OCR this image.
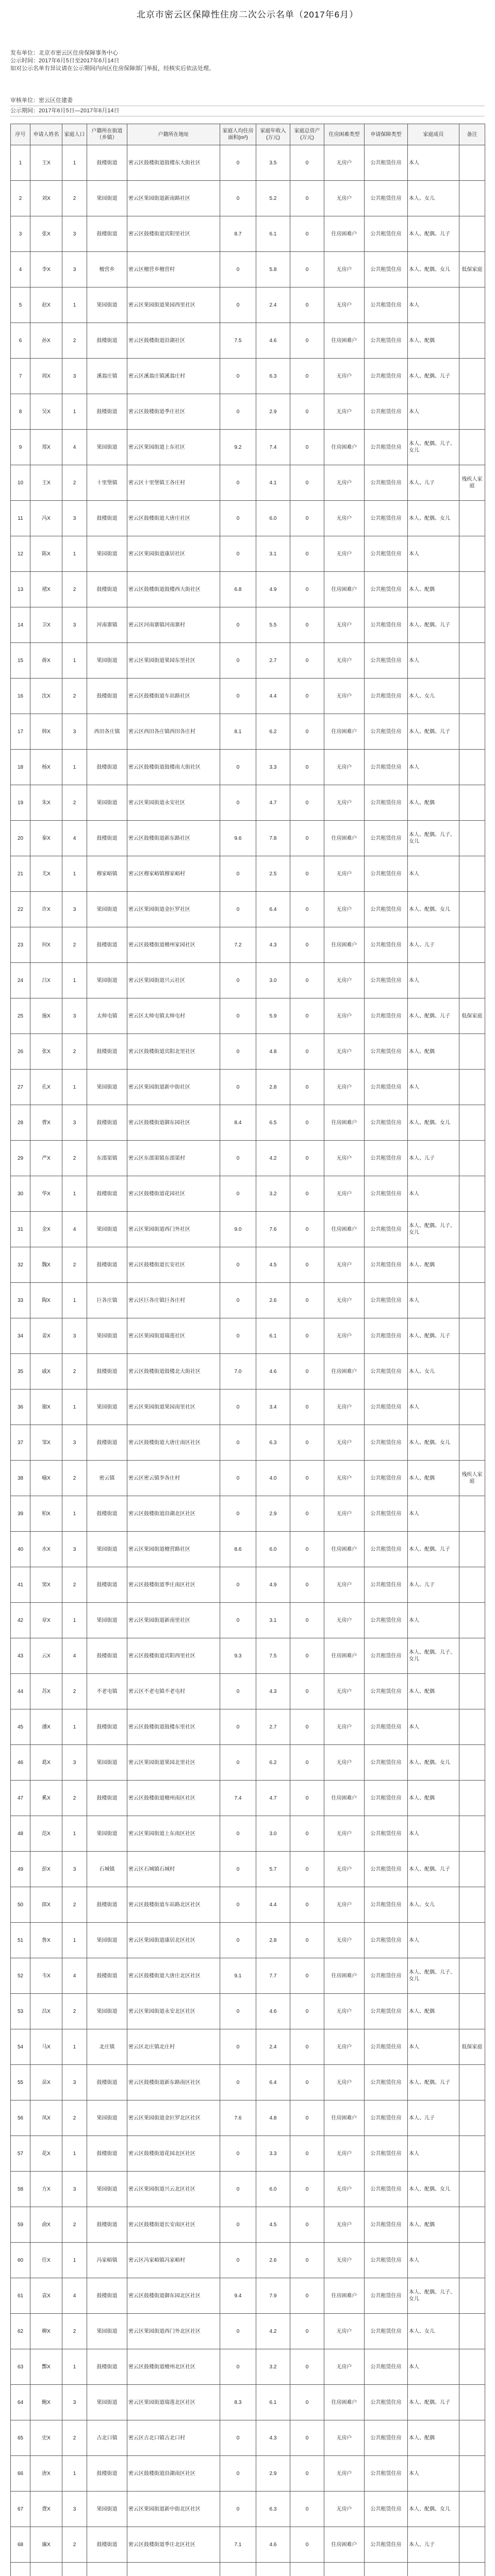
北京市密云区保障性住房二次公示名单（2017年6月）
发布单位：北京市密云区住房保障事务中心
公示时间：2017年6月5日至2017年6月14日
如对公示名单有异议请在公示期间内向区住房保障部门举报，经核实后依法处理。
审核单位：密云区住建委
公示期间：2017年6月5日—2017年6月14日
序号	申请人姓名	家庭人口	户籍所在街道（乡镇）	户籍所在地址	家庭人均住房面积(m²)	家庭年收入(万元)	家庭总资产(万元)	住房困难类型	申请保障类型	家庭成员	备注
1	王X	1	鼓楼街道	密云区鼓楼街道鼓楼东大街社区	0	3.5	0	无房户	公共租赁住房	本人	
2	刘X	2	果园街道	密云区果园街道新南路社区	0	5.2	0	无房户	公共租赁住房	本人、女儿	
3	张X	3	鼓楼街道	密云区鼓楼街道宾阳里社区	8.7	6.1	0	住房困难户	公共租赁住房	本人、配偶、儿子	
4	李X	3	檀营乡	密云区檀营乡檀营村	0	5.8	0	无房户	公共租赁住房	本人、配偶、女儿	低保家庭
5	赵X	1	果园街道	密云区果园街道果园西里社区	0	2.4	0	无房户	公共租赁住房	本人	
6	孙X	2	鼓楼街道	密云区鼓楼街道沿湖社区	7.5	4.6	0	住房困难户	公共租赁住房	本人、配偶	
7	周X	3	溪翁庄镇	密云区溪翁庄镇溪翁庄村	0	6.3	0	无房户	公共租赁住房	本人、配偶、儿子	
8	吴X	1	鼓楼街道	密云区鼓楼街道季庄社区	0	2.9	0	无房户	公共租赁住房	本人	
9	郑X	4	果园街道	密云区果园街道上东社区	9.2	7.4	0	住房困难户	公共租赁住房	本人、配偶、儿子、女儿	
10	王X	2	十里堡镇	密云区十里堡镇王各庄村	0	4.1	0	无房户	公共租赁住房	本人、儿子	残疾人家庭
11	冯X	3	鼓楼街道	密云区鼓楼街道大唐庄社区	0	6.0	0	无房户	公共租赁住房	本人、配偶、女儿	
12	陈X	1	果园街道	密云区果园街道康居社区	0	3.1	0	无房户	公共租赁住房	本人	
13	褚X	2	鼓楼街道	密云区鼓楼街道鼓楼西大街社区	6.8	4.9	0	住房困难户	公共租赁住房	本人、配偶	
14	卫X	3	河南寨镇	密云区河南寨镇河南寨村	0	5.5	0	无房户	公共租赁住房	本人、配偶、儿子	
15	蒋X	1	果园街道	密云区果园街道果园东里社区	0	2.7	0	无房户	公共租赁住房	本人	
16	沈X	2	鼓楼街道	密云区鼓楼街道车站路社区	0	4.4	0	无房户	公共租赁住房	本人、女儿	
17	韩X	3	西田各庄镇	密云区西田各庄镇西田各庄村	8.1	6.2	0	住房困难户	公共租赁住房	本人、配偶、儿子	
18	杨X	1	鼓楼街道	密云区鼓楼街道鼓楼南大街社区	0	3.3	0	无房户	公共租赁住房	本人	
19	朱X	2	果园街道	密云区果园街道永安社区	0	4.7	0	无房户	公共租赁住房	本人、配偶	
20	秦X	4	鼓楼街道	密云区鼓楼街道新东路社区	9.6	7.8	0	住房困难户	公共租赁住房	本人、配偶、儿子、女儿	
21	尤X	1	穆家峪镇	密云区穆家峪镇穆家峪村	0	2.5	0	无房户	公共租赁住房	本人	
22	许X	3	果园街道	密云区果园街道金叵罗社区	0	6.4	0	无房户	公共租赁住房	本人、配偶、女儿	
23	何X	2	鼓楼街道	密云区鼓楼街道檀州家园社区	7.2	4.3	0	住房困难户	公共租赁住房	本人、儿子	
24	吕X	1	果园街道	密云区果园街道兴云社区	0	3.0	0	无房户	公共租赁住房	本人	
25	施X	3	太师屯镇	密云区太师屯镇太师屯村	0	5.9	0	无房户	公共租赁住房	本人、配偶、儿子	低保家庭
26	张X	2	鼓楼街道	密云区鼓楼街道宾阳北里社区	0	4.8	0	无房户	公共租赁住房	本人、配偶	
27	孔X	1	果园街道	密云区果园街道新中街社区	0	2.8	0	无房户	公共租赁住房	本人	
28	曹X	3	鼓楼街道	密云区鼓楼街道御东园社区	8.4	6.5	0	住房困难户	公共租赁住房	本人、配偶、女儿	
29	严X	2	东邵渠镇	密云区东邵渠镇东邵渠村	0	4.2	0	无房户	公共租赁住房	本人、儿子	
30	华X	1	鼓楼街道	密云区鼓楼街道花园社区	0	3.2	0	无房户	公共租赁住房	本人	
31	金X	4	果园街道	密云区果园街道西门外社区	9.0	7.6	0	住房困难户	公共租赁住房	本人、配偶、儿子、女儿	
32	魏X	2	鼓楼街道	密云区鼓楼街道长安社区	0	4.5	0	无房户	公共租赁住房	本人、配偶	
33	陶X	1	巨各庄镇	密云区巨各庄镇巨各庄村	0	2.6	0	无房户	公共租赁住房	本人	
34	姜X	3	果园街道	密云区果园街道瑞莲社区	0	6.1	0	无房户	公共租赁住房	本人、配偶、儿子	
35	戚X	2	鼓楼街道	密云区鼓楼街道鼓楼北大街社区	7.0	4.6	0	住房困难户	公共租赁住房	本人、女儿	
36	谢X	1	果园街道	密云区果园街道果园南里社区	0	3.4	0	无房户	公共租赁住房	本人	
37	邹X	3	鼓楼街道	密云区鼓楼街道大唐庄南区社区	0	6.3	0	无房户	公共租赁住房	本人、配偶、女儿	
38	喻X	2	密云镇	密云区密云镇李各庄村	0	4.0	0	无房户	公共租赁住房	本人、配偶	残疾人家庭
39	柏X	1	鼓楼街道	密云区鼓楼街道沿湖北区社区	0	2.9	0	无房户	公共租赁住房	本人	
40	水X	3	果园街道	密云区果园街道檀营路社区	8.6	6.0	0	住房困难户	公共租赁住房	本人、配偶、儿子	
41	窦X	2	鼓楼街道	密云区鼓楼街道季庄南区社区	0	4.9	0	无房户	公共租赁住房	本人、儿子	
42	章X	1	果园街道	密云区果园街道新南里社区	0	3.1	0	无房户	公共租赁住房	本人	
43	云X	4	鼓楼街道	密云区鼓楼街道宾阳西里社区	9.3	7.5	0	住房困难户	公共租赁住房	本人、配偶、儿子、女儿	
44	苏X	2	不老屯镇	密云区不老屯镇不老屯村	0	4.3	0	无房户	公共租赁住房	本人、配偶	
45	潘X	1	鼓楼街道	密云区鼓楼街道鼓楼东里社区	0	2.7	0	无房户	公共租赁住房	本人	
46	葛X	3	果园街道	密云区果园街道果园北里社区	0	6.2	0	无房户	公共租赁住房	本人、配偶、女儿	
47	奚X	2	鼓楼街道	密云区鼓楼街道檀州南区社区	7.4	4.7	0	住房困难户	公共租赁住房	本人、配偶	
48	范X	1	果园街道	密云区果园街道上东南区社区	0	3.0	0	无房户	公共租赁住房	本人	
49	彭X	3	石城镇	密云区石城镇石城村	0	5.7	0	无房户	公共租赁住房	本人、配偶、儿子	
50	郎X	2	鼓楼街道	密云区鼓楼街道车站路北区社区	0	4.4	0	无房户	公共租赁住房	本人、女儿	
51	鲁X	1	果园街道	密云区果园街道康居北区社区	0	2.8	0	无房户	公共租赁住房	本人	
52	韦X	4	鼓楼街道	密云区鼓楼街道大唐庄北区社区	9.1	7.7	0	住房困难户	公共租赁住房	本人、配偶、儿子、女儿	
53	昌X	2	果园街道	密云区果园街道永安北区社区	0	4.6	0	无房户	公共租赁住房	本人、配偶	
54	马X	1	北庄镇	密云区北庄镇北庄村	0	2.4	0	无房户	公共租赁住房	本人	低保家庭
55	苗X	3	鼓楼街道	密云区鼓楼街道新东路南区社区	0	6.4	0	无房户	公共租赁住房	本人、配偶、儿子	
56	凤X	2	果园街道	密云区果园街道金叵罗北区社区	7.6	4.8	0	住房困难户	公共租赁住房	本人、儿子	
57	花X	1	鼓楼街道	密云区鼓楼街道花园北区社区	0	3.3	0	无房户	公共租赁住房	本人	
58	方X	3	果园街道	密云区果园街道兴云北区社区	0	6.0	0	无房户	公共租赁住房	本人、配偶、女儿	
59	俞X	2	鼓楼街道	密云区鼓楼街道长安南区社区	0	4.5	0	无房户	公共租赁住房	本人、配偶	
60	任X	1	冯家峪镇	密云区冯家峪镇冯家峪村	0	2.6	0	无房户	公共租赁住房	本人	
61	袁X	4	鼓楼街道	密云区鼓楼街道御东园北区社区	9.4	7.9	0	住房困难户	公共租赁住房	本人、配偶、儿子、女儿	
62	柳X	2	果园街道	密云区果园街道西门外北区社区	0	4.2	0	无房户	公共租赁住房	本人、女儿	
63	酆X	1	鼓楼街道	密云区鼓楼街道檀州北区社区	0	3.2	0	无房户	公共租赁住房	本人	
64	鲍X	3	果园街道	密云区果园街道瑞莲北区社区	8.3	6.1	0	住房困难户	公共租赁住房	本人、配偶、儿子	
65	史X	2	古北口镇	密云区古北口镇古北口村	0	4.3	0	无房户	公共租赁住房	本人、配偶	
66	唐X	1	鼓楼街道	密云区鼓楼街道沿湖南区社区	0	2.9	0	无房户	公共租赁住房	本人	
67	费X	3	果园街道	密云区果园街道新中街北区社区	0	6.3	0	无房户	公共租赁住房	本人、配偶、女儿	
68	廉X	2	鼓楼街道	密云区鼓楼街道季庄北区社区	7.1	4.6	0	住房困难户	公共租赁住房	本人、儿子	
